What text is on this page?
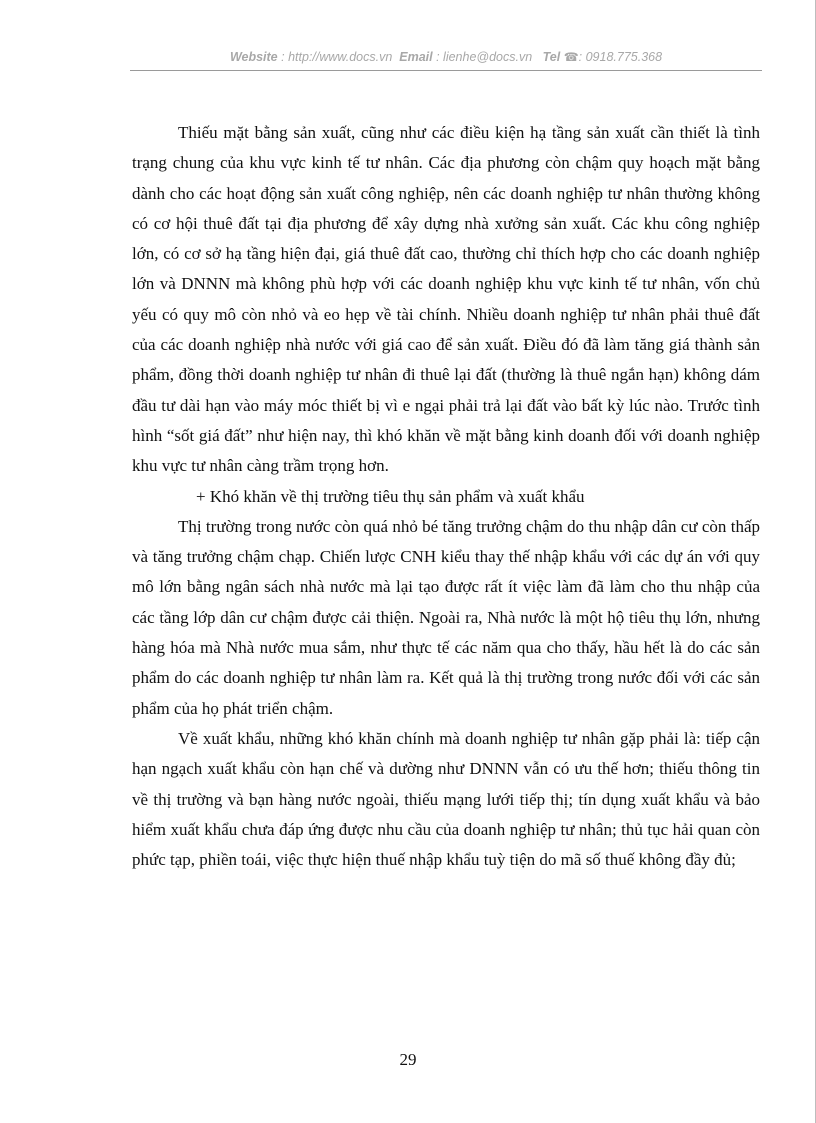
Website : http://www.docs.vn Email : lienhe@docs.vn Tel ☎: 0918.775.368

Thiếu mặt bằng sản xuất, cũng như các điều kiện hạ tầng sản xuất cần thiết là tình trạng chung của khu vực kinh tế tư nhân. Các địa phương còn chậm quy hoạch mặt bằng dành cho các hoạt động sản xuất công nghiệp, nên các doanh nghiệp tư nhân thường không có cơ hội thuê đất tại địa phương để xây dựng nhà xưởng sản xuất. Các khu công nghiệp lớn, có cơ sở hạ tầng hiện đại, giá thuê đất cao, thường chỉ thích hợp cho các doanh nghiệp lớn và DNNN mà không phù hợp với các doanh nghiệp khu vực kinh tế tư nhân, vốn chủ yếu có quy mô còn nhỏ và eo hẹp về tài chính. Nhiều doanh nghiệp tư nhân phải thuê đất của các doanh nghiệp nhà nước với giá cao để sản xuất. Điều đó đã làm tăng giá thành sản phẩm, đồng thời doanh nghiệp tư nhân đi thuê lại đất (thường là thuê ngắn hạn) không dám đầu tư dài hạn vào máy móc thiết bị vì e ngại phải trả lại đất vào bất kỳ lúc nào. Trước tình hình “sốt giá đất” như hiện nay, thì khó khăn về mặt bằng kinh doanh đối với doanh nghiệp khu vực tư nhân càng trầm trọng hơn.

+ Khó khăn về thị trường tiêu thụ sản phẩm và xuất khẩu

Thị trường trong nước còn quá nhỏ bé tăng trưởng chậm do thu nhập dân cư còn thấp và tăng trưởng chậm chạp. Chiến lược CNH kiểu thay thế nhập khẩu với các dự án với quy mô lớn bằng ngân sách nhà nước mà lại tạo được rất ít việc làm đã làm cho thu nhập của các tầng lớp dân cư chậm được cải thiện. Ngoài ra, Nhà nước là một hộ tiêu thụ lớn, nhưng hàng hóa mà Nhà nước mua sắm, như thực tế các năm qua cho thấy, hầu hết là do các sản phẩm do các doanh nghiệp tư nhân làm ra. Kết quả là thị trường trong nước đối với các sản phẩm của họ phát triển chậm.

Về xuất khẩu, những khó khăn chính mà doanh nghiệp tư nhân gặp phải là: tiếp cận hạn ngạch xuất khẩu còn hạn chế và dường như DNNN vẫn có ưu thế hơn; thiếu thông tin về thị trường và bạn hàng nước ngoài, thiếu mạng lưới tiếp thị; tín dụng xuất khẩu và bảo hiểm xuất khẩu chưa đáp ứng được nhu cầu của doanh nghiệp tư nhân; thủ tục hải quan còn phức tạp, phiền toái, việc thực hiện thuế nhập khẩu tuỳ tiện do mã số thuế không đầy đủ;

29
